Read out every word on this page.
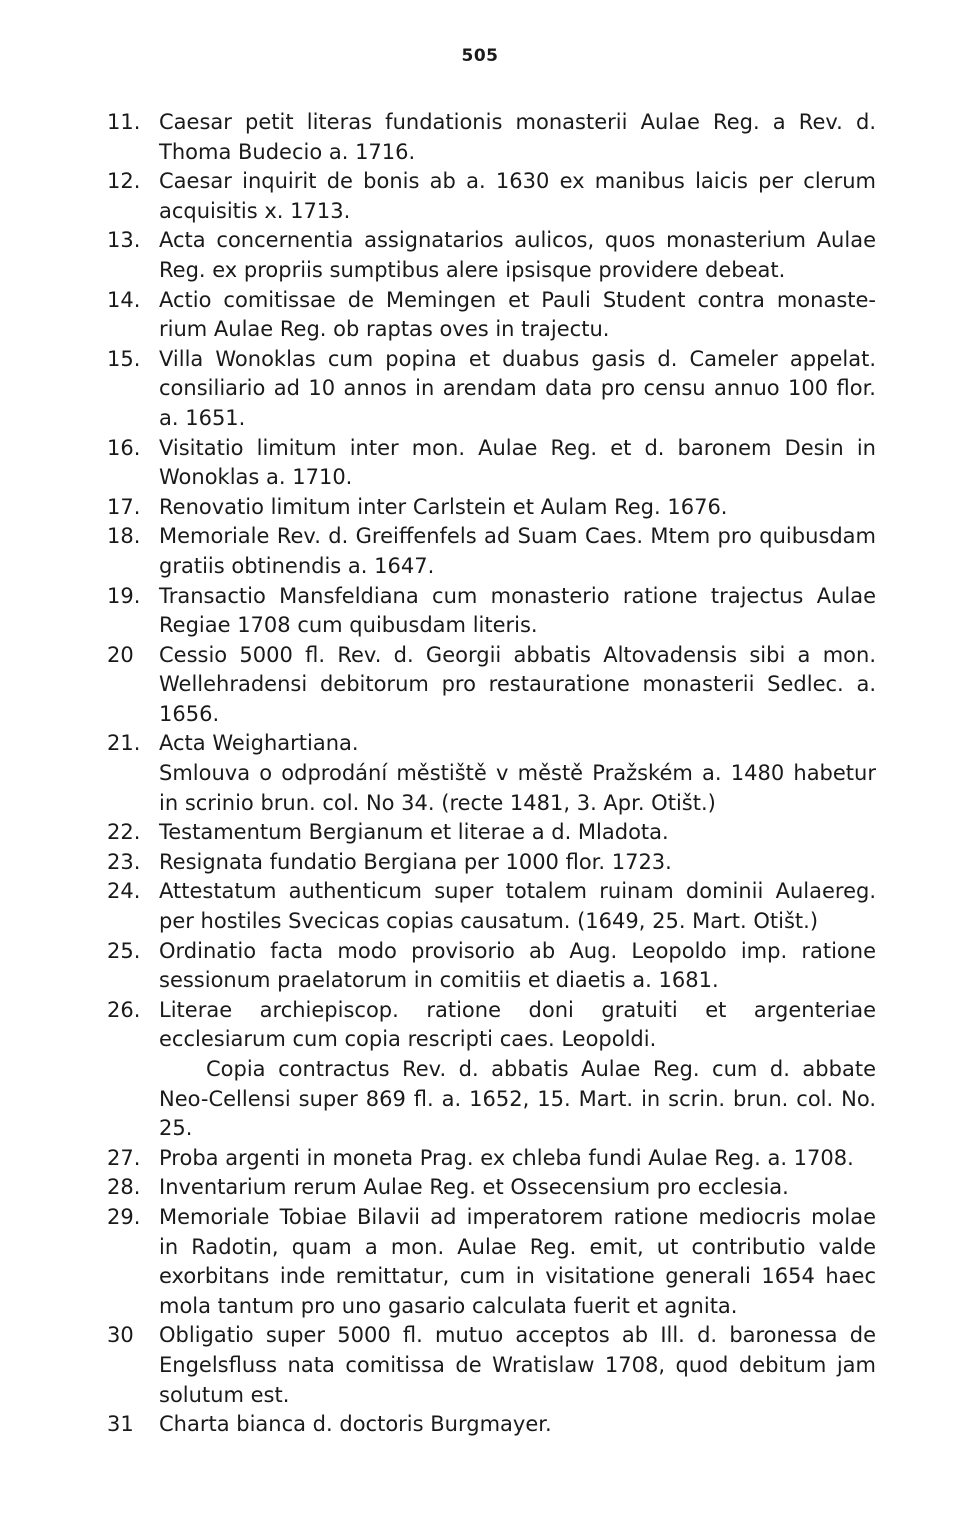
505
11. Caesar petit literas fundationis monasterii Aulae Reg. a Rev. d. Thoma Budecio a. 1716.
12. Caesar inquirit de bonis ab a. 1630 ex manibus laicis per clerum acquisitis x. 1713.
13. Acta concernentia assignatarios aulicos, quos monasterium Aulae Reg. ex propriis sumptibus alere ipsisque providere debeat.
14. Actio comitissae de Memingen et Pauli Student contra monaste- rium Aulae Reg. ob raptas oves in trajectu.
15. Villa Wonoklas cum popina et duabus gasis d. Cameler appelat. consiliario ad 10 annos in arendam data pro censu annuo 100 flor. a. 1651.
16. Visitatio limitum inter mon. Aulae Reg. et d. baronem Desin in Wonoklas a. 1710.
17. Renovatio limitum inter Carlstein et Aulam Reg. 1676.
18. Memoriale Rev. d. Greiffenfels ad Suam Caes. Mtem pro quibusdam gratiis obtinendis a. 1647.
19. Transactio Mansfeldiana cum monasterio ratione trajectus Aulae Regiae 1708 cum quibusdam literis.
20	Cessio 5000 fl. Rev. d. Georgii abbatis Altovadensis sibi a mon. Wellehradensi debitorum pro restauratione monasterii Sedlec. a. 1656.
21. Acta Weighartiana.
Smlouva o odprodání městiště v městě Pražském a. 1480 habetur in scrinio brun. col. No 34. (recte 1481, 3. Apr. Otišt.)
22. Testamentum Bergianum et literae a d. Mladota.
23. Resignata fundatio Bergiana per 1000 flor. 1723.
24. Attestatum authenticum super totalem ruinam dominii Aulaereg. per hostiles Svecicas copias causatum. (1649, 25. Mart. Otišt.)
25. Ordinatio facta modo provisorio ab Aug. Leopoldo imp. ratione sessionum praelatorum in comitiis et diaetis a. 1681.
26. Literae archiepiscop. ratione doni gratuiti et argenteriae ecclesiarum cum copia rescripti caes. Leopoldi.
Copia contractus Rev. d. abbatis Aulae Reg. cum d. abbate Neo-Cellensi super 869 fl. a. 1652, 15. Mart. in scrin. brun. col. No. 25.
27. Proba argenti in moneta Prag. ex chleba fundi Aulae Reg. a. 1708.
28. Inventarium rerum Aulae Reg. et Ossecensium pro ecclesia.
29. Memoriale Tobiae Bilavii ad imperatorem ratione mediocris molae in Radotin, quam a mon. Aulae Reg. emit, ut contributio valde exorbitans inde remittatur, cum in visitatione generali 1654 haec mola tantum pro uno gasario calculata fuerit et agnita.
30	Obligatio super 5000 fl. mutuo acceptos ab Ill. d. baronessa de Engelsfluss nata comitissa de Wratislaw 1708, quod debitum jam solutum est.
31	Charta bianca d. doctoris Burgmayer.
